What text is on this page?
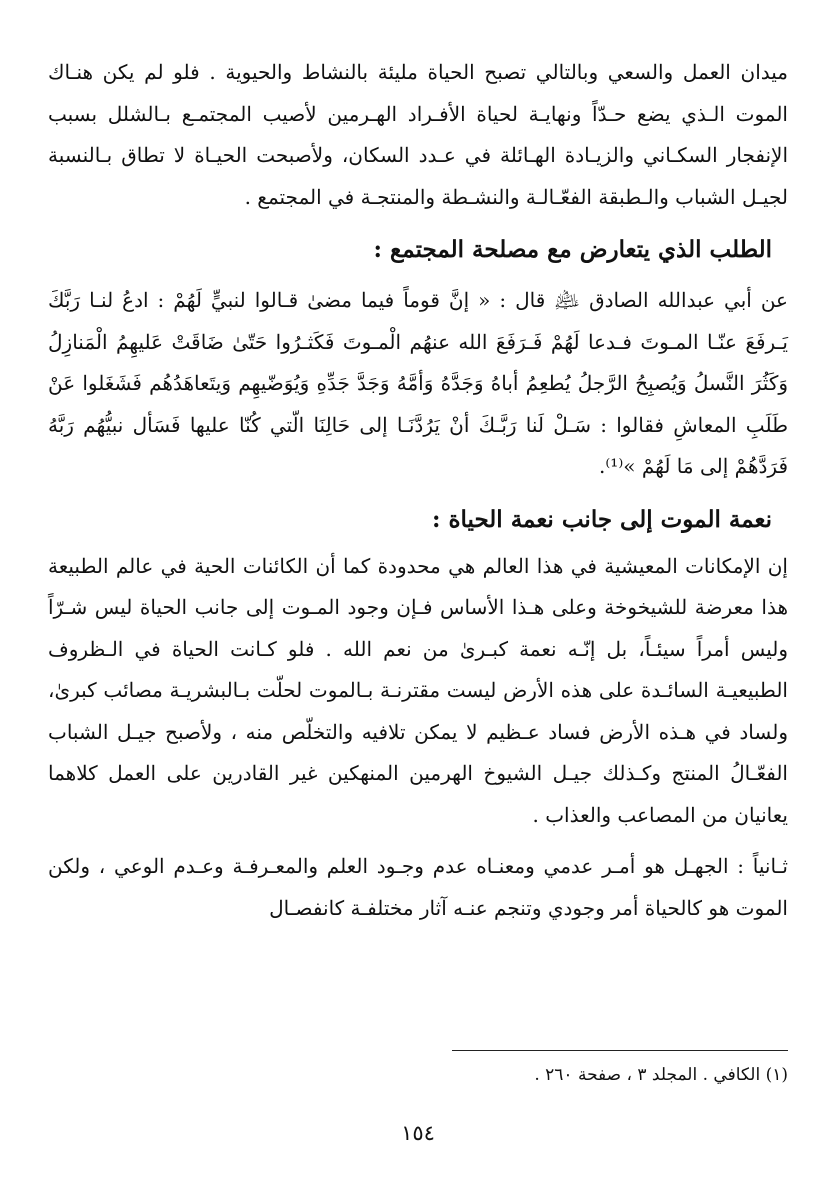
ميدان العمل والسعي وبالتالي تصبح الحياة مليئة بالنشاط والحيوية . فلو لم يكن هنـاك الموت الـذي يضع حـدّاً ونهايـة لحياة الأفـراد الهـرمين لأصيب المجتمـع بـالشلل بسبب الإنفجار السكـاني والزيـادة الهـائلة في عـدد السكان، ولأصبحت الحيـاة لا تطاق بـالنسبة لجيـل الشباب والـطبقة الفعّـالـة والنشـطة والمنتجـة في المجتمع .

الطلب الذي يتعارض مع مصلحة المجتمع :

عن أبي عبدالله الصادق ﵇ قال : « إنَّ قوماً فيما مضىٰ قـالوا لنبيٍّ لَهُمْ : ادعُ لنـا رَبَّكَ يَـرفَعَ عنّـا المـوتَ فـدعا لَهُمْ فَـرَفَعَ الله عنهُم الْمـوتَ فَكَثـرُوا حَتّىٰ ضَاقَتْ عَليهِمُ الْمَنازِلُ وَكَثُرَ النَّسلُ وَيُصبِحُ الرَّجلُ يُطعِمُ أباهُ وَجَدَّهُ وَأمَّهُ وَجَدَّ جَدِّهِ وَيُوَضّيهِم وَيتَعاهَدُهُم فَشَغَلوا عَنْ طَلَبِ المعاشِ فقالوا : سَـلْ لَنا رَبَّـكَ أنْ يَرُدَّنَـا إلى حَالِنَا الّتي كُنّا عليها فَسَأل نبيُّهُم رَبَّهُ فَرَدَّهُمْ إلى مَا لَهُمْ »⁽¹⁾.

نعمة الموت إلى جانب نعمة الحياة :

إن الإمكانات المعيشية في هذا العالم هي محدودة كما أن الكائنات الحية في عالم الطبيعة هذا معرضة للشيخوخة وعلى هـذا الأساس فـإن وجود المـوت إلى جانب الحياة ليس شـرّاً وليس أمراً سيئـاً، بل إنّـه نعمة كبـرىٰ من نعم الله . فلو كـانت الحياة في الـظروف الطبيعيـة السائـدة على هذه الأرض ليست مقترنـة بـالموت لحلّت بـالبشريـة مصائب كبرىٰ، ولساد في هـذه الأرض فساد عـظيم لا يمكن تلافيه والتخلّص منه ، ولأصبح جيـل الشباب الفعّـالُ المنتج وكـذلك جيـل الشيوخ الهرمين المنهكين غير القادرين على العمل كلاهما يعانيان من المصاعب والعذاب .

ثـانياً : الجهـل هو أمـر عدمي ومعنـاه عدم وجـود العلم والمعـرفـة وعـدم الوعي ، ولكن الموت هو كالحياة أمر وجودي وتنجم عنـه آثار مختلفـة كانفصـال

(١) الكافي . المجلد ٣ ، صفحة ٢٦٠ .
١٥٤
